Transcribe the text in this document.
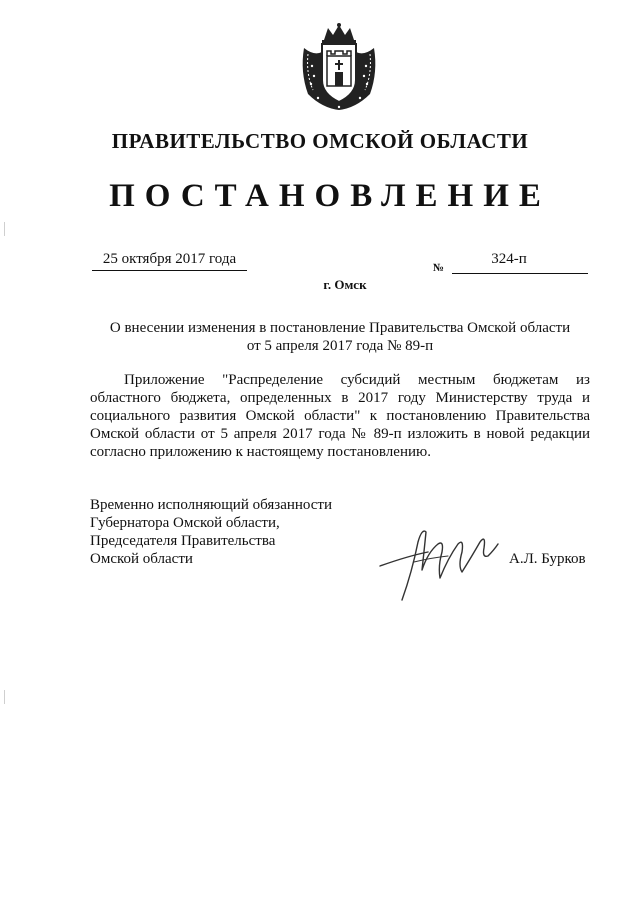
ПРАВИТЕЛЬСТВО ОМСКОЙ ОБЛАСТИ
ПОСТАНОВЛЕНИЕ
25 октября 2017 года
№
324-п
г. Омск
О внесении изменения в постановление Правительства Омской области
от 5 апреля 2017 года № 89-п

Приложение "Распределение субсидий местным бюджетам из областного бюджета, определенных в 2017 году Министерству труда и социального развития Омской области" к постановлению Правительства Омской области от 5 апреля 2017 года № 89-п изложить в новой редакции согласно приложению к настоящему постановлению.

Временно исполняющий обязанности
Губернатора Омской области,
Председателя Правительства
Омской области	А.Л. Бурков
